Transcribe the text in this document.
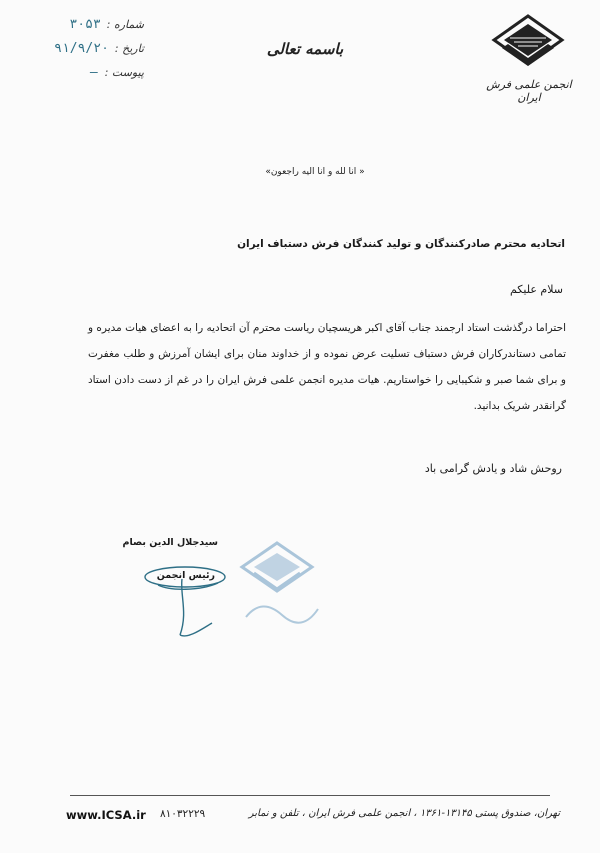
انجمن علمی فرش ایران
باسمه تعالی
شماره :
۳۰۵۳
تاریخ :
۹۱/۹/۲۰
پیوست :
—
« انا لله و انا اليه راجعون»
اتحادیه محترم صادرکنندگان و تولید کنندگان فرش دستباف ایران
سلام علیکم
احتراما درگذشت استاد ارجمند جناب آقای اکبر هریسچیان ریاست محترم آن اتحادیه را به اعضای هیات مدیره و تمامی دستاندرکاران فرش دستباف تسلیت عرض نموده و از خداوند منان برای ایشان آمرزش و طلب مغفرت و برای شما صبر و شکیبایی را خواستاریم. هیات مدیره انجمن علمی فرش ایران را در غم از دست دادن استاد گرانقدر شریک بدانید.
روحش شاد و یادش گرامی باد
سیدجلال الدین بصام
رئیس انجمن
تهران، صندوق پستی ۱۳۱۴۵-۱۳۶۱ ، انجمن علمی فرش ایران ، تلفن و نمابر
۸۱۰۳۲۲۲۹
www.ICSA.ir
